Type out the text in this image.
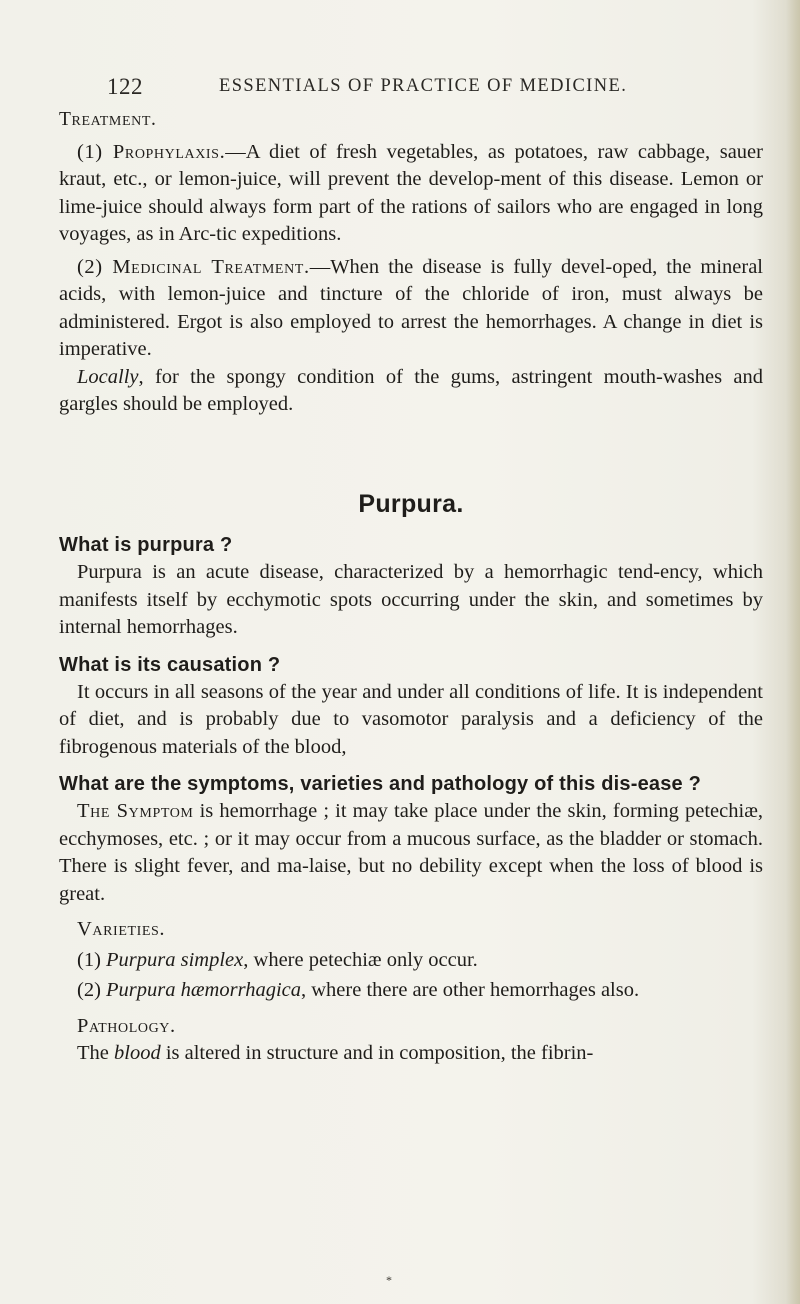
122	ESSENTIALS OF PRACTICE OF MEDICINE.

Treatment.

(1) Prophylaxis.—A diet of fresh vegetables, as potatoes, raw cabbage, sauer kraut, etc., or lemon-juice, will prevent the develop-ment of this disease. Lemon or lime-juice should always form part of the rations of sailors who are engaged in long voyages, as in Arc-tic expeditions.

(2) Medicinal Treatment.—When the disease is fully devel-oped, the mineral acids, with lemon-juice and tincture of the chloride of iron, must always be administered. Ergot is also employed to arrest the hemorrhages. A change in diet is imperative.

Locally, for the spongy condition of the gums, astringent mouth-washes and gargles should be employed.

Purpura.

What is purpura ?

Purpura is an acute disease, characterized by a hemorrhagic tend-ency, which manifests itself by ecchymotic spots occurring under the skin, and sometimes by internal hemorrhages.

What is its causation ?

It occurs in all seasons of the year and under all conditions of life. It is independent of diet, and is probably due to vasomotor paralysis and a deficiency of the fibrogenous materials of the blood,

What are the symptoms, varieties and pathology of this dis-ease ?

The Symptom is hemorrhage ; it may take place under the skin, forming petechiæ, ecchymoses, etc. ; or it may occur from a mucous surface, as the bladder or stomach. There is slight fever, and ma-laise, but no debility except when the loss of blood is great.

Varieties.

(1) Purpura simplex, where petechiæ only occur.

(2) Purpura hæmorrhagica, where there are other hemorrhages also.

Pathology.

The blood is altered in structure and in composition, the fibrin-

*
